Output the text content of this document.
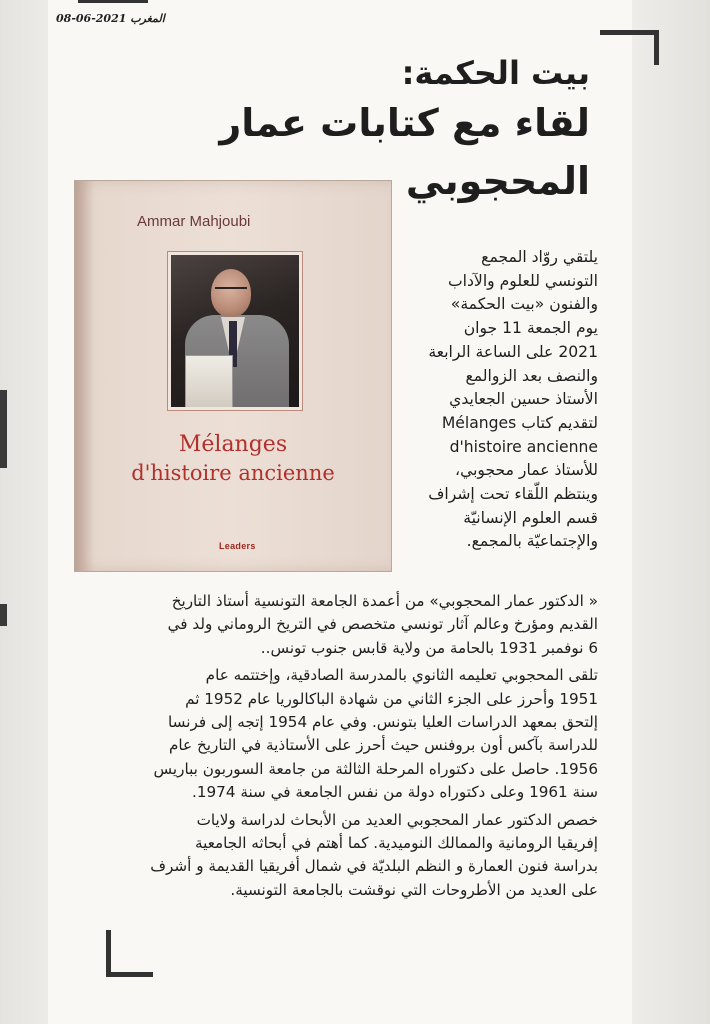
المغرب 2021-06-08
بيت الحكمة:
لقاء مع كتابات عمار
المحجوبي
Ammar Mahjoubi
Mélanges
d'histoire ancienne
Leaders
يلتقي روّاد المجمع
التونسي للعلوم والآداب
والفنون «بيت الحكمة»
يوم الجمعة 11 جوان
2021 على الساعة الرابعة
والنصف بعد الزوالمع
الأستاذ حسين الجعايدي
لتقديم كتاب Mélanges
d'histoire ancienne
للأستاذ عمار محجوبي،
وينتظم اللّقاء تحت إشراف
قسم العلوم الإنسانيّة
والإجتماعيّة بالمجمع.
« الدكتور عمار المحجوبي» من أعمدة الجامعة التونسية أستاذ التاريخ
القديم ومؤرخ وعالم آثار تونسي متخصص في التريخ الروماني ولد في
6 نوفمبر 1931 بالحامة من ولاية قابس جنوب تونس..
تلقى المحجوبي تعليمه الثانوي بالمدرسة الصادقية، وإختتمه عام
1951 وأحرز على الجزء الثاني من شهادة الباكالوريا عام 1952 ثم
إلتحق بمعهد الدراسات العليا بتونس. وفي عام 1954 إتجه إلى فرنسا
للدراسة بآكس أون بروفنس حيث أحرز على الأستاذية في التاريخ عام
1956. حاصل على دكتوراه المرحلة الثالثة من جامعة السوربون بباريس
سنة 1961 وعلى دكتوراه دولة من نفس الجامعة في سنة 1974.
خصص الدكتور عمار المحجوبي العديد من الأبحاث لدراسة ولايات
إفريقيا الرومانية والممالك النوميدية. كما أهتم في أبحاثه الجامعية
بدراسة فنون العمارة و النظم البلديّة في شمال أفريقيا القديمة و أشرف
على العديد من الأطروحات التي نوقشت بالجامعة التونسية.
